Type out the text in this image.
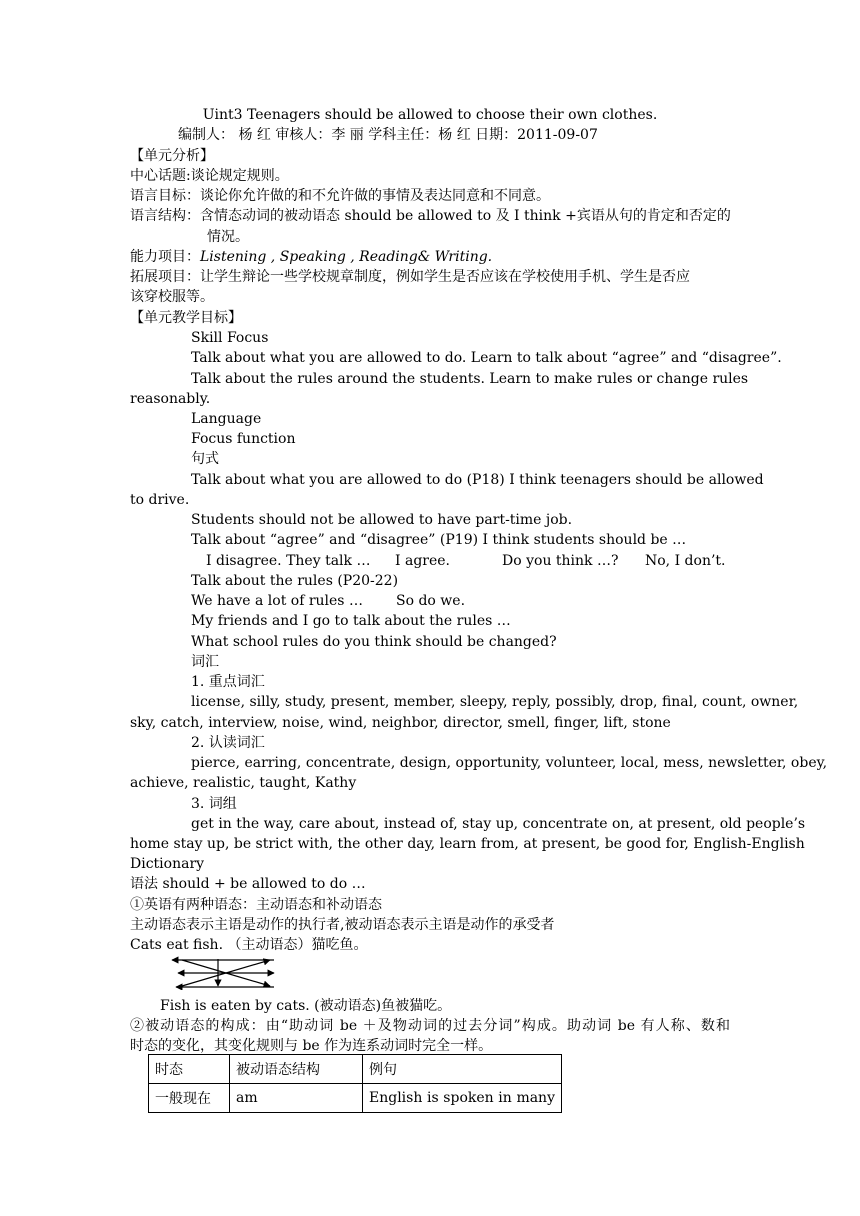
Uint3 Teenagers should be allowed to choose their own clothes.
编制人： 杨 红 审核人：李 丽 学科主任：杨 红 日期：2011-09-07
【单元分析】
中心话题:谈论规定规则。
语言目标：谈论你允许做的和不允许做的事情及表达同意和不同意。
语言结构：含情态动词的被动语态 should be allowed to 及 I think +宾语从句的肯定和否定的
情况。
能力项目：Listening , Speaking , Reading& Writing.
拓展项目：让学生辩论一些学校规章制度，例如学生是否应该在学校使用手机、学生是否应
该穿校服等。
【单元教学目标】
Skill Focus
Talk about what you are allowed to do. Learn to talk about “agree” and “disagree”.
Talk about the rules around the students. Learn to make rules or change rules
reasonably.
Language
Focus function
句式
Talk about what you are allowed to do (P18) I think teenagers should be allowed
to drive.
Students should not be allowed to have part-time job.
Talk about “agree” and “disagree” (P19) I think students should be …
I disagree. They talk … I agree.	Do you think …? No, I don’t.
Talk about the rules (P20-22)
We have a lot of rules … So do we.
My friends and I go to talk about the rules …
What school rules do you think should be changed?
词汇
1. 重点词汇
license, silly, study, present, member, sleepy, reply, possibly, drop, final, count, owner,
sky, catch, interview, noise, wind, neighbor, director, smell, finger, lift, stone
2. 认读词汇
pierce, earring, concentrate, design, opportunity, volunteer, local, mess, newsletter, obey,
achieve, realistic, taught, Kathy
3. 词组
get in the way, care about, instead of, stay up, concentrate on, at present, old people’s
home stay up, be strict with, the other day, learn from, at present, be good for, English-English
Dictionary
语法 should + be allowed to do …
①英语有两种语态：主动语态和补动语态
主动语态表示主语是动作的执行者,被动语态表示主语是动作的承受者
Cats eat fish. （主动语态）猫吃鱼。
Fish is eaten by cats. (被动语态)鱼被猫吃。
②被动语态的构成：由“助动词 be ＋及物动词的过去分词”构成。助动词 be 有人称、数和
时态的变化，其变化规则与 be 作为连系动词时完全一样。
时态	被动语态结构	例句
一般现在	am	English is spoken in many
